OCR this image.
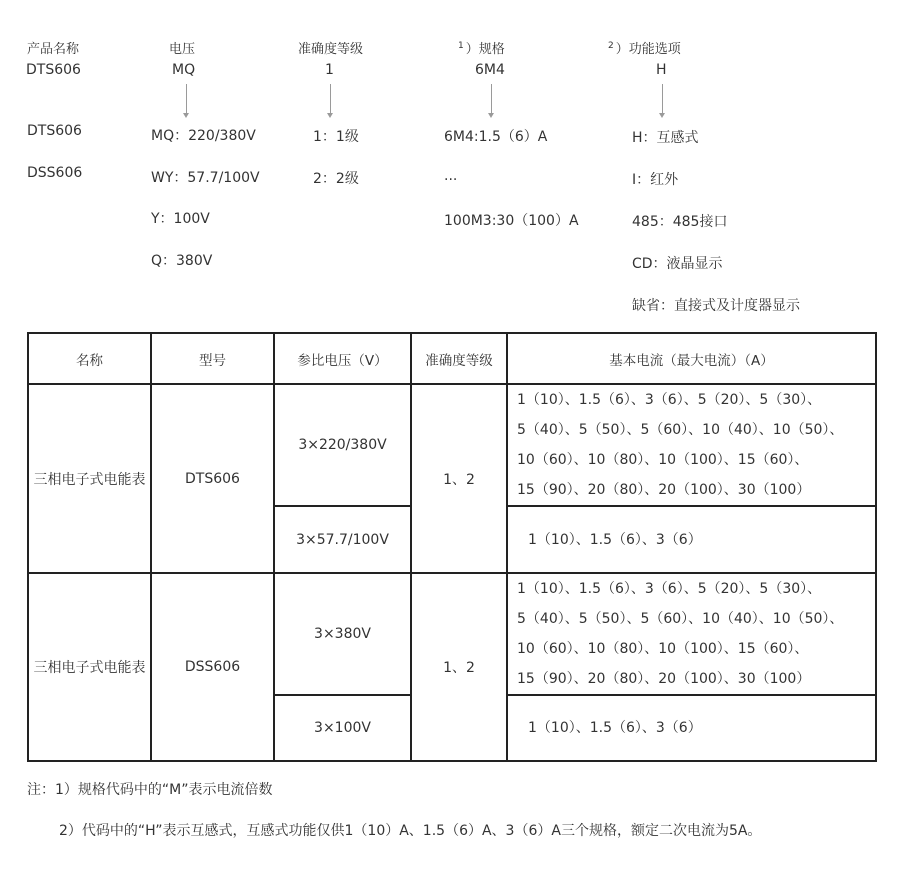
产品名称	电压	准确度等级	$^1$ ）规格	$^2$ ）功能选项
DTS606	MQ	1	6M4	H
DTS606
DSS606
MQ：220/380V
WY：57.7/100V
Y：100V
Q：380V
1：1级
2：2级
6M4:1.5（6）A
...
100M3:30（100）A
H：互感式
I：红外
485：485接口
CD：液晶显示
缺省：直接式及计度器显示
名称	型号	参比电压（V）	准确度等级	基本电流（最大电流）（A）
三相电子式电能表	DTS606	3×220/380V	1、2	1（10）、1.5（6）、3（6）、5（20）、5（30）、
5（40）、5（50）、5（60）、10（40）、10（50）、
10（60）、10（80）、10（100）、15（60）、
15（90）、20（80）、20（100）、30（100）

		3×57.7/100V		1（10）、1.5（6）、3（6）

三相电子式电能表	DSS606	3×380V	1、2	1（10）、1.5（6）、3（6）、5（20）、5（30）、
5（40）、5（50）、5（60）、10（40）、10（50）、
10（60）、10（80）、10（100）、15（60）、
15（90）、20（80）、20（100）、30（100）

		3×100V		1（10）、1.5（6）、3（6）
注：1）规格代码中的“M”表示电流倍数
2）代码中的“H”表示互感式，互感式功能仅供1（10）A、1.5（6）A、3（6）A三个规格，额定二次电流为5A。
